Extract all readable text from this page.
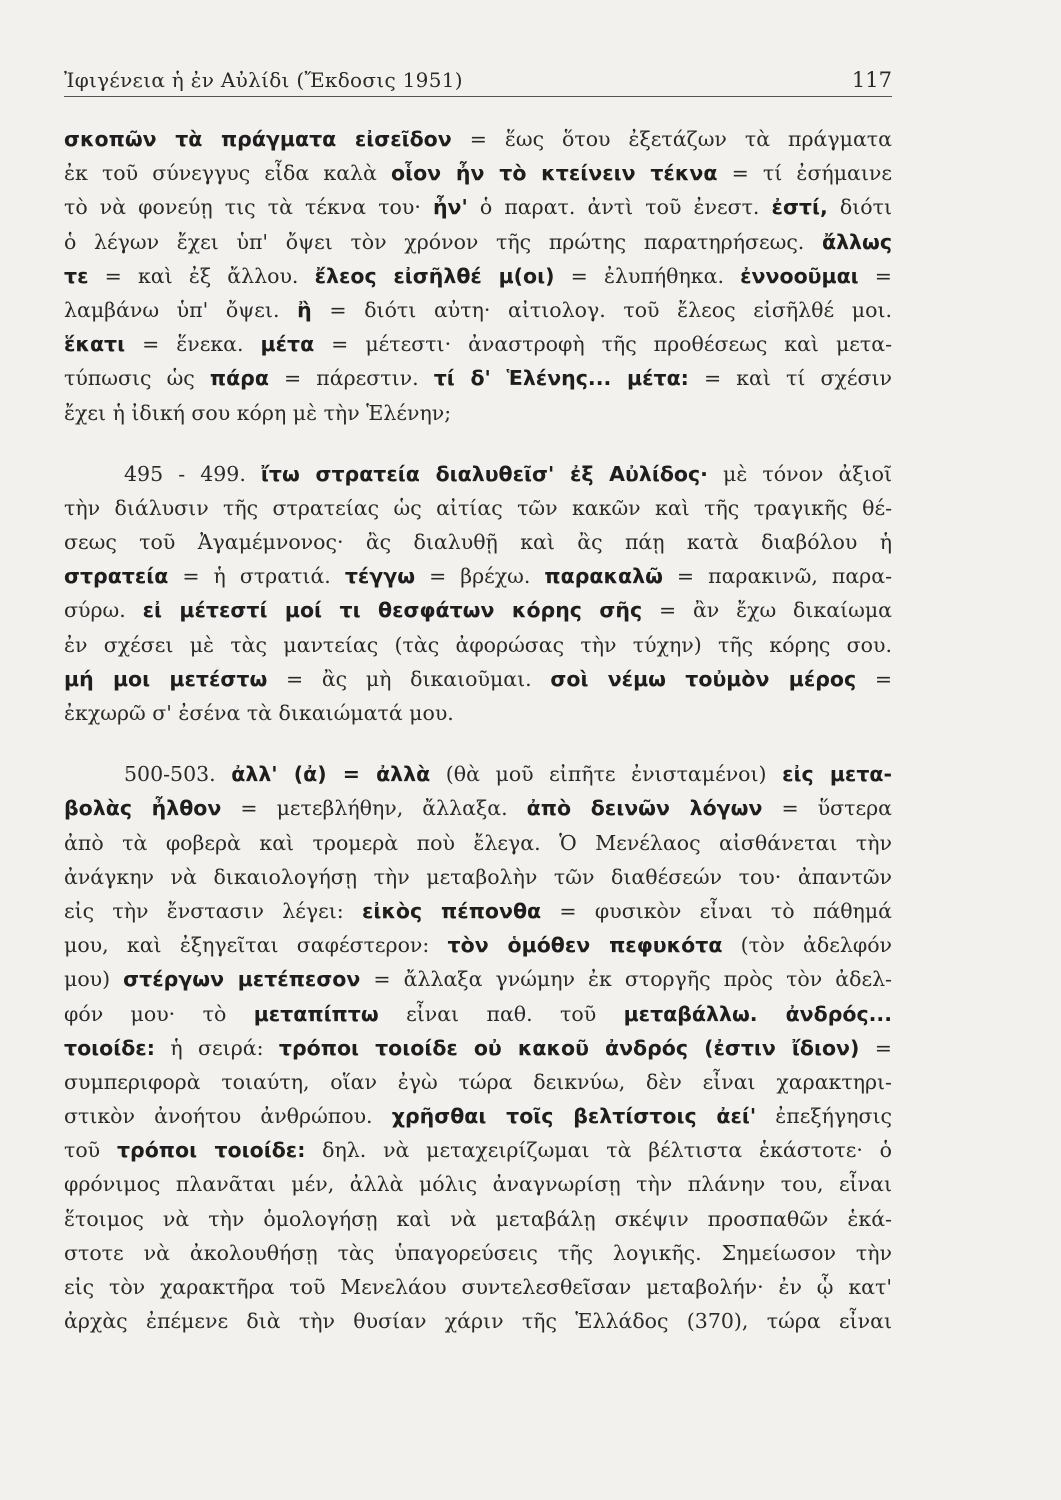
Ἰφιγένεια ἡ ἐν Αὐλίδι (Ἔκδοσις 1951)	117
σκοπῶν τὰ πράγματα εἰσεῖδον = ἕως ὅτου ἐξετάζων τὰ πράγματα
ἐκ τοῦ σύνεγγυς εἶδα καλὰ οἷον ἦν τὸ κτείνειν τέκνα = τί ἐσήμαινε
τὸ νὰ φονεύῃ τις τὰ τέκνα του· ἦν' ὁ παρατ. ἀντὶ τοῦ ἐνεστ. ἐστί, διότι
ὁ λέγων ἔχει ὑπ' ὄψει τὸν χρόνον τῆς πρώτης παρατηρήσεως. ἄλλως
τε = καὶ ἐξ ἄλλου. ἔλεος εἰσῆλθέ μ(οι) = ἐλυπήθηκα. ἐννοοῦμαι =
λαμβάνω ὑπ' ὄψει. ἢ = διότι αὐτη· αἰτιολογ. τοῦ ἔλεος εἰσῆλθέ μοι.
ἕκατι = ἕνεκα. μέτα = μέτεστι· ἀναστροφὴ τῆς προθέσεως καὶ μετα-
τύπωσις ὡς πάρα = πάρεστιν. τί δ' Ἑλένης... μέτα: = καὶ τί σχέσιν
ἔχει ἡ ἰδική σου κόρη μὲ τὴν Ἑλένην;
495 - 499. ἴτω στρατεία διαλυθεῖσ' ἐξ Αὐλίδος· μὲ τόνον ἀξιοῖ
τὴν διάλυσιν τῆς στρατείας ὡς αἰτίας τῶν κακῶν καὶ τῆς τραγικῆς θέ-
σεως τοῦ Ἀγαμέμνονος· ἂς διαλυθῇ καὶ ἂς πάῃ κατὰ διαβόλου ἡ
στρατεία = ἡ στρατιά. τέγγω = βρέχω. παρακαλῶ = παρακινῶ, παρα-
σύρω. εἰ μέτεστί μοί τι θεσφάτων κόρης σῆς = ἂν ἔχω δικαίωμα
ἐν σχέσει μὲ τὰς μαντείας (τὰς ἀφορώσας τὴν τύχην) τῆς κόρης σου.
μή μοι μετέστω = ἂς μὴ δικαιοῦμαι. σοὶ νέμω τοὐμὸν μέρος =
ἐκχωρῶ σ' ἐσένα τὰ δικαιώματά μου.
500-503. ἀλλ' (ἀ) = ἀλλὰ (θὰ μοῦ εἰπῆτε ἐνισταμένοι) εἰς μετα-
βολὰς ἦλθον = μετεβλήθην, ἄλλαξα. ἀπὸ δεινῶν λόγων = ὕστερα
ἀπὸ τὰ φοβερὰ καὶ τρομερὰ ποὺ ἔλεγα. Ὁ Μενέλαος αἰσθάνεται τὴν
ἀνάγκην νὰ δικαιολογήσῃ τὴν μεταβολὴν τῶν διαθέσεών του· ἀπαντῶν
εἰς τὴν ἔνστασιν λέγει: εἰκὸς πέπονθα = φυσικὸν εἶναι τὸ πάθημά
μου, καὶ ἐξηγεῖται σαφέστερον: τὸν ὁμόθεν πεφυκότα (τὸν ἀδελφόν
μου) στέργων μετέπεσον = ἄλλαξα γνώμην ἐκ στοργῆς πρὸς τὸν ἀδελ-
φόν μου· τὸ μεταπίπτω εἶναι παθ. τοῦ μεταβάλλω. ἀνδρός...
τοιοίδε: ἡ σειρά: τρόποι τοιοίδε οὐ κακοῦ ἀνδρός (ἐστιν ἴδιον) =
συμπεριφορὰ τοιαύτη, οἵαν ἐγὼ τώρα δεικνύω, δὲν εἶναι χαρακτηρι-
στικὸν ἀνοήτου ἀνθρώπου. χρῆσθαι τοῖς βελτίστοις ἀεί' ἐπεξήγησις
τοῦ τρόποι τοιοίδε: δηλ. νὰ μεταχειρίζωμαι τὰ βέλτιστα ἑκάστοτε· ὁ
φρόνιμος πλανᾶται μέν, ἀλλὰ μόλις ἀναγνωρίσῃ τὴν πλάνην του, εἶναι
ἕτοιμος νὰ τὴν ὁμολογήσῃ καὶ νὰ μεταβάλῃ σκέψιν προσπαθῶν ἑκά-
στοτε νὰ ἀκολουθήσῃ τὰς ὑπαγορεύσεις τῆς λογικῆς. Σημείωσον τὴν
εἰς τὸν χαρακτῆρα τοῦ Μενελάου συντελεσθεῖσαν μεταβολήν· ἐν ᾧ κατ'
ἀρχὰς ἐπέμενε διὰ τὴν θυσίαν χάριν τῆς Ἑλλάδος (370), τώρα εἶναι
